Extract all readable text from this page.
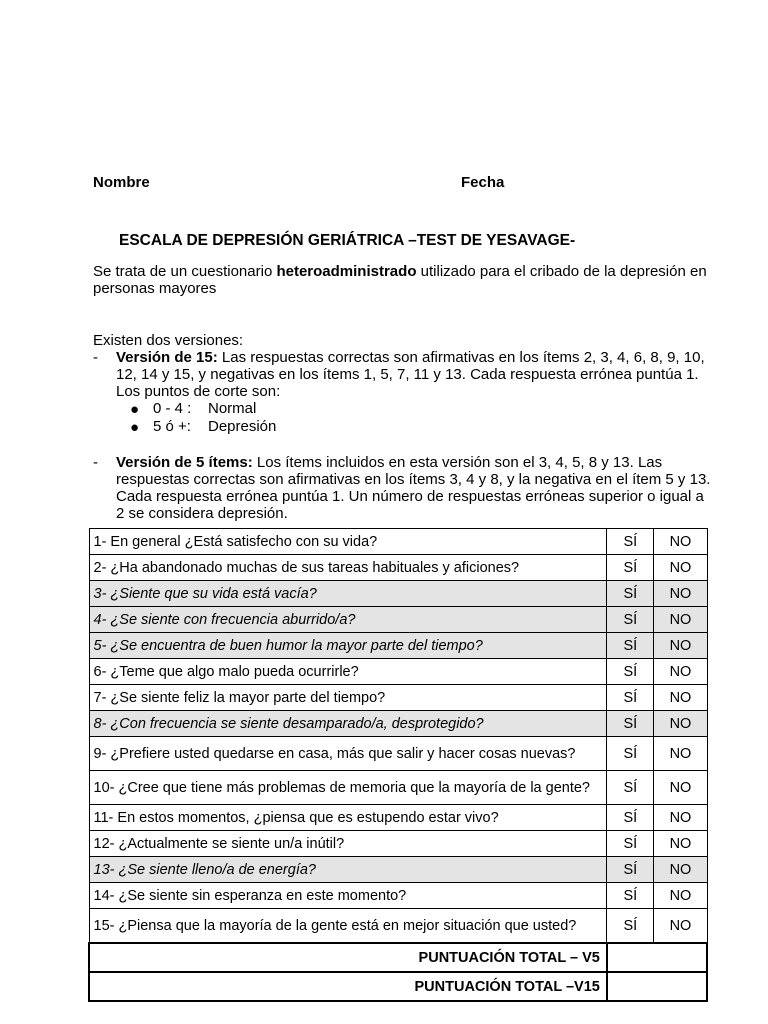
Nombre	Fecha
ESCALA DE DEPRESIÓN GERIÁTRICA –TEST DE YESAVAGE-
Se trata de un cuestionario heteroadministrado utilizado para el cribado de la depresión en personas mayores
Existen dos versiones:
- Versión de 15: Las respuestas correctas son afirmativas en los ítems 2, 3, 4, 6, 8, 9, 10, 12, 14 y 15, y negativas en los ítems 1, 5, 7, 11 y 13. Cada respuesta errónea puntúa 1. Los puntos de corte son:
● 0 - 4 : Normal
● 5 ó +: Depresión
- Versión de 5 ítems: Los ítems incluidos en esta versión son el 3, 4, 5, 8 y 13. Las respuestas correctas son afirmativas en los ítems 3, 4 y 8, y la negativa en el ítem 5 y 13. Cada respuesta errónea puntúa 1. Un número de respuestas erróneas superior o igual a 2 se considera depresión.
1- En general ¿Está satisfecho con su vida?	SÍ	NO
2- ¿Ha abandonado muchas de sus tareas habituales y aficiones?	SÍ	NO
3- ¿Siente que su vida está vacía?	SÍ	NO
4- ¿Se siente con frecuencia aburrido/a?	SÍ	NO
5- ¿Se encuentra de buen humor la mayor parte del tiempo?	SÍ	NO
6- ¿Teme que algo malo pueda ocurrirle?	SÍ	NO
7- ¿Se siente feliz la mayor parte del tiempo?	SÍ	NO
8- ¿Con frecuencia se siente desamparado/a, desprotegido?	SÍ	NO
9- ¿Prefiere usted quedarse en casa, más que salir y hacer cosas nuevas?	SÍ	NO
10- ¿Cree que tiene más problemas de memoria que la mayoría de la gente?	SÍ	NO
11- En estos momentos, ¿piensa que es estupendo estar vivo?	SÍ	NO
12- ¿Actualmente se siente un/a inútil?	SÍ	NO
13- ¿Se siente lleno/a de energía?	SÍ	NO
14- ¿Se siente sin esperanza en este momento?	SÍ	NO
15- ¿Piensa que la mayoría de la gente está en mejor situación que usted?	SÍ	NO
PUNTUACIÓN TOTAL – V5		
PUNTUACIÓN TOTAL –V15		
